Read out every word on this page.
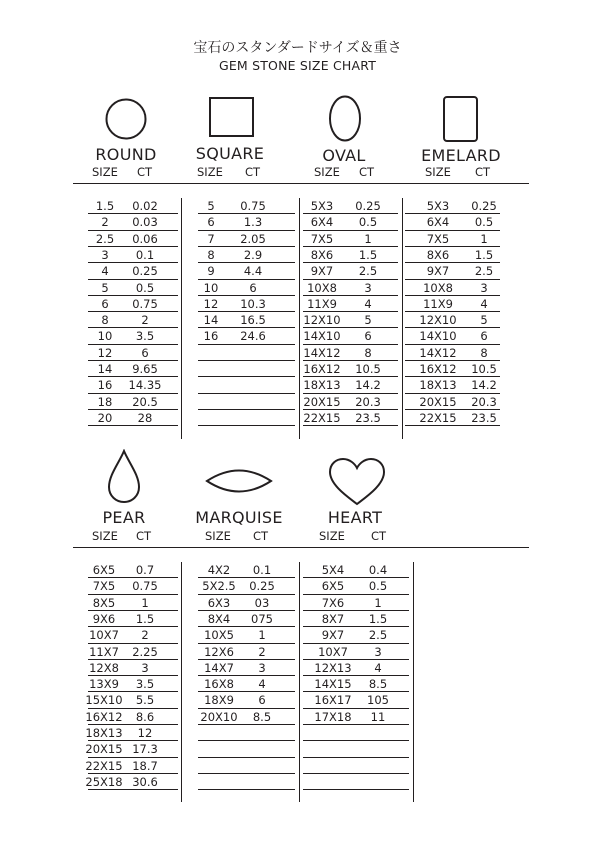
宝石のスタンダードサイズ＆重さ
GEM STONE SIZE CHART
ROUND	SQUARE	OVAL	EMELARD
SIZE CT	SIZE CT	SIZE CT	SIZE CT
1.5	0.02
2	0.03
2.5	0.06
3	0.1
4	0.25
5	0.5
6	0.75
8	2
10	3.5
12	6
14	9.65
16	14.35
18	20.5
20	28
5	0.75
6	1.3
7	2.05
8	2.9
9	4.4
10	6
12	10.3
14	16.5
16	24.6
5X3	0.25
6X4	0.5
7X5	1
8X6	1.5
9X7	2.5
10X8	3
11X9	4
12X10	5
14X10	6
14X12	8
16X12	10.5
18X13	14.2
20X15	20.3
22X15	23.5
5X3	0.25
6X4	0.5
7X5	1
8X6	1.5
9X7	2.5
10X8	3
11X9	4
12X10	5
14X10	6
14X12	8
16X12	10.5
18X13	14.2
20X15	20.3
22X15	23.5
PEAR	MARQUISE	HEART
SIZE CT	SIZE CT	SIZE CT
6X5	0.7
7X5	0.75
8X5	1
9X6	1.5
10X7	2
11X7	2.25
12X8	3
13X9	3.5
15X10	5.5
16X12	8.6
18X13	12
20X15 17.3
22X15 18.7
25X18 30.6
4X2	0.1
5X2.5	0.25
6X3	03
8X4	075
10X5	1
12X6	2
14X7	3
16X8	4
18X9	6
20X10	8.5
5X4	0.4
6X5	0.5
7X6	1
8X7	1.5
9X7	2.5
10X7	3
12X13	4
14X15	8.5
16X17	105
17X18	11
